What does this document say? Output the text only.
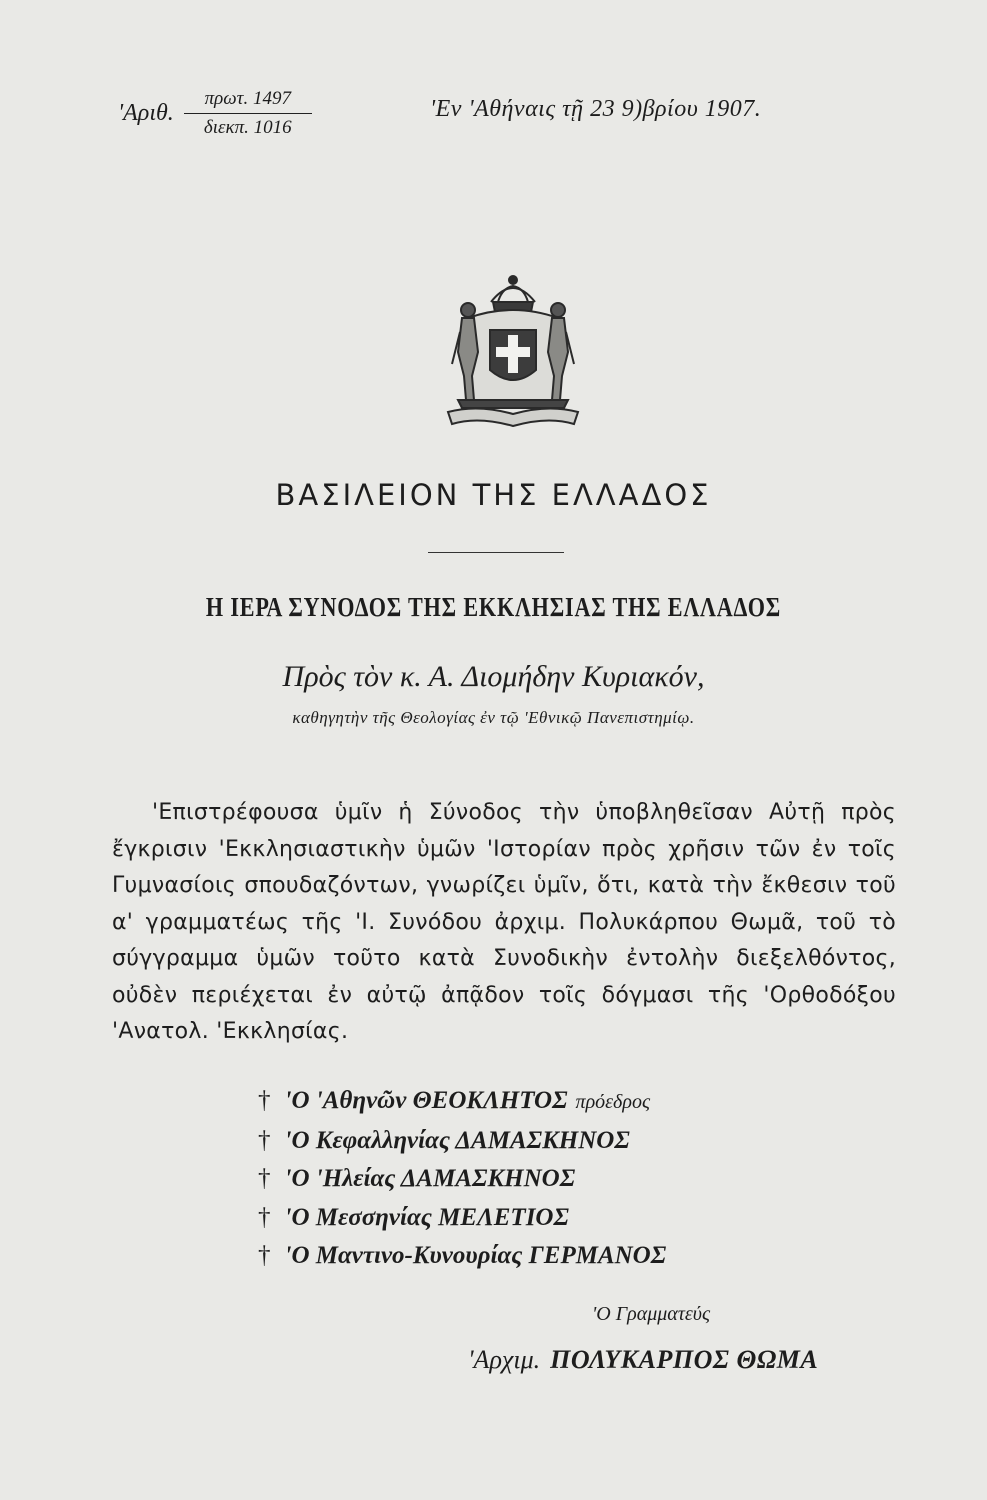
'Αριθ. $\frac{\text{πρωτ. 1497}}{\text{διεκπ. 1016}}$	'Εν 'Αθήναις τῇ 23 9)βρίου 1907.
ΒΑΣΙΛΕΙΟΝ ΤΗΣ ΕΛΛΑΔΟΣ
Η ΙΕΡΑ ΣΥΝΟΔΟΣ ΤΗΣ ΕΚΚΛΗΣΙΑΣ ΤΗΣ ΕΛΛΑΔΟΣ
Πρὸς τὸν κ. Α. Διομήδην Κυριακόν,
καθηγητὴν τῆς Θεολογίας ἐν τῷ 'Εθνικῷ Πανεπιστημίῳ.

'Επιστρέφουσα ὑμῖν ἡ Σύνοδος τὴν ὑποβληθεῖσαν Αὐτῇ πρὸς ἔγκρισιν 'Εκκλησιαστικὴν ὑμῶν 'Ιστορίαν πρὸς χρῆσιν τῶν ἐν τοῖς Γυμνασίοις σπουδαζόντων, γνωρίζει ὑμῖν, ὅτι, κατὰ τὴν ἔκθεσιν τοῦ α' γραμματέως τῆς 'Ι. Συνόδου ἀρχιμ. Πολυκάρπου Θωμᾶ, τοῦ τὸ σύγγραμμα ὑμῶν τοῦτο κατὰ Συνοδικὴν ἐντολὴν διεξελθόντος, οὐδὲν περιέχεται ἐν αὐτῷ ἀπᾷδον τοῖς δόγμασι τῆς 'Ορθοδόξου 'Ανατολ. 'Εκκλησίας.

† 'Ο 'Αθηνῶν ΘΕΟΚΛΗΤΟΣ πρόεδρος
† 'Ο Κεφαλληνίας ΔΑΜΑΣΚΗΝΟΣ
† 'Ο 'Ηλείας ΔΑΜΑΣΚΗΝΟΣ
† 'Ο Μεσσηνίας ΜΕΛΕΤΙΟΣ
† 'Ο Μαντινο-Κυνουρίας ΓΕΡΜΑΝΟΣ
'Ο Γραμματεύς
'Αρχιμ. ΠΟΛΥΚΑΡΠΟΣ ΘΩΜΑ
